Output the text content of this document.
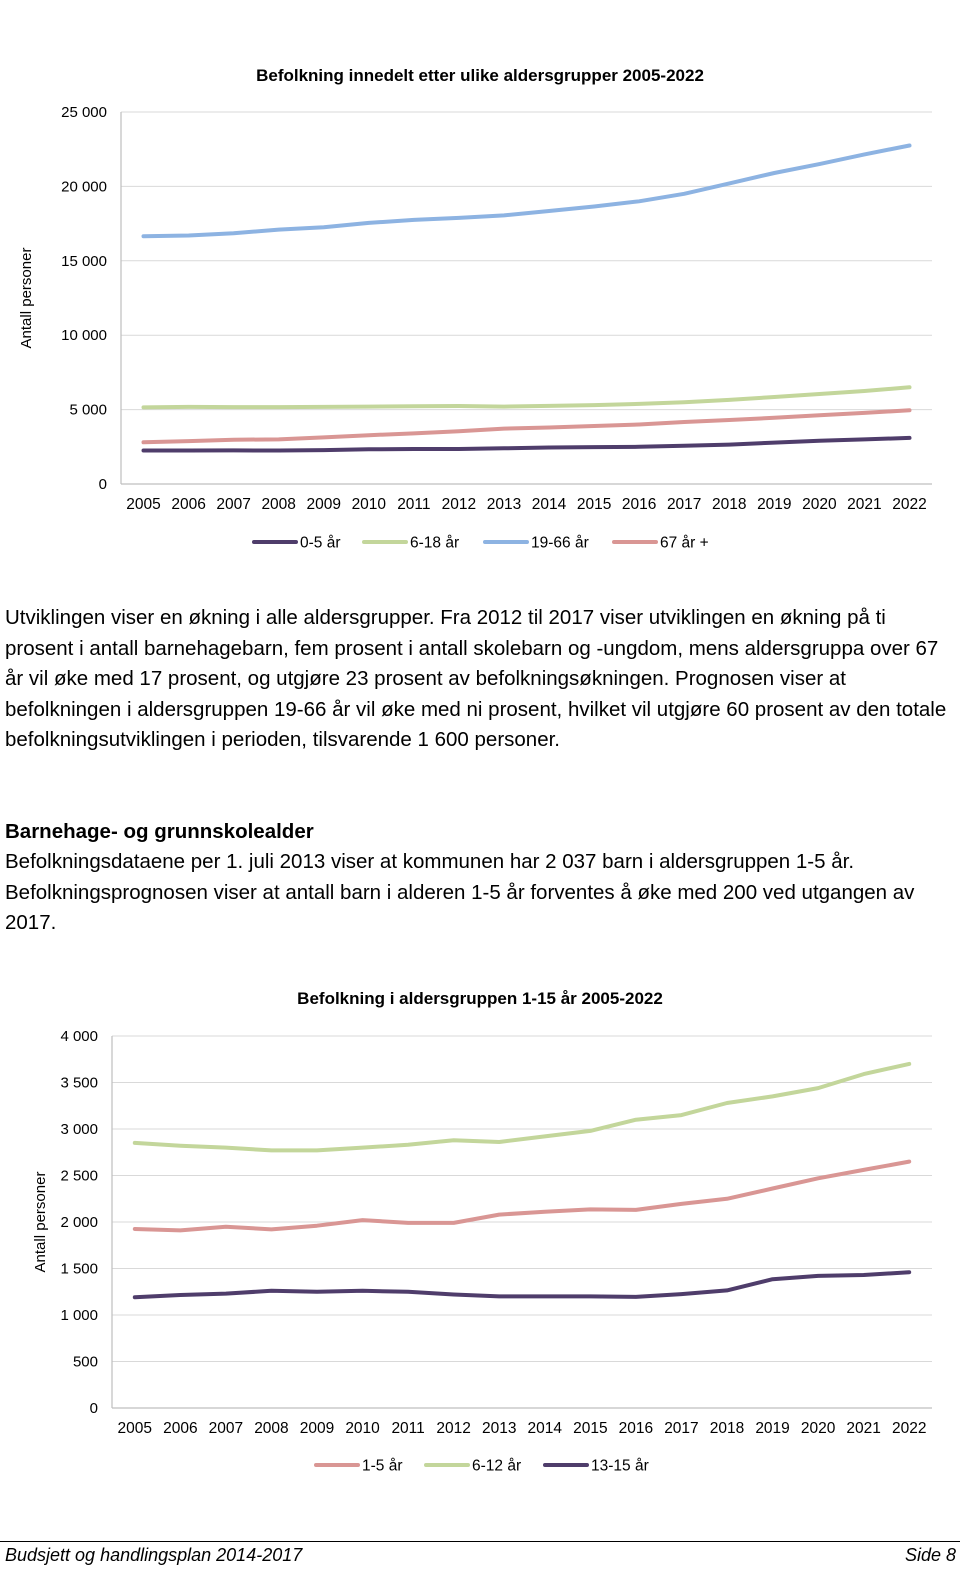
Befolkning innedelt etter ulike aldersgrupper 2005-2022
0
5 000
10 000
15 000
20 000
25 000
2005 2006 2007 2008 2009 2010 2011 2012 2013 2014 2015 2016 2017 2018 2019 2020 2021 2022
Antall personer
0-5 år	6-18 år	19-66 år	67 år +

Utviklingen viser en økning i alle aldersgrupper. Fra 2012 til 2017 viser utviklingen en økning på ti prosent i antall barnehagebarn, fem prosent i antall skolebarn og -ungdom, mens aldersgruppa over 67 år vil øke med 17 prosent, og utgjøre 23 prosent av befolkningsøkningen. Prognosen viser at befolkningen i aldersgruppen 19-66 år vil øke med ni prosent, hvilket vil utgjøre 60 prosent av den totale befolkningsutviklingen i perioden, tilsvarende 1 600 personer.

Barnehage- og grunnskolealder

Befolkningsdataene per 1. juli 2013 viser at kommunen har 2 037 barn i aldersgruppen 1-5 år. Befolkningsprognosen viser at antall barn i alderen 1-5 år forventes å øke med 200 ved utgangen av 2017.

Befolkning i aldersgruppen 1-15 år 2005-2022
0
500
1 000
1 500
2 000
2 500
3 000
3 500
4 000
2005 2006 2007 2008 2009 2010 2011 2012 2013 2014 2015 2016 2017 2018 2019 2020 2021 2022
Antall personer
1-5 år	6-12 år	13-15 år
Budsjett og handlingsplan 2014-2017	Side 8
